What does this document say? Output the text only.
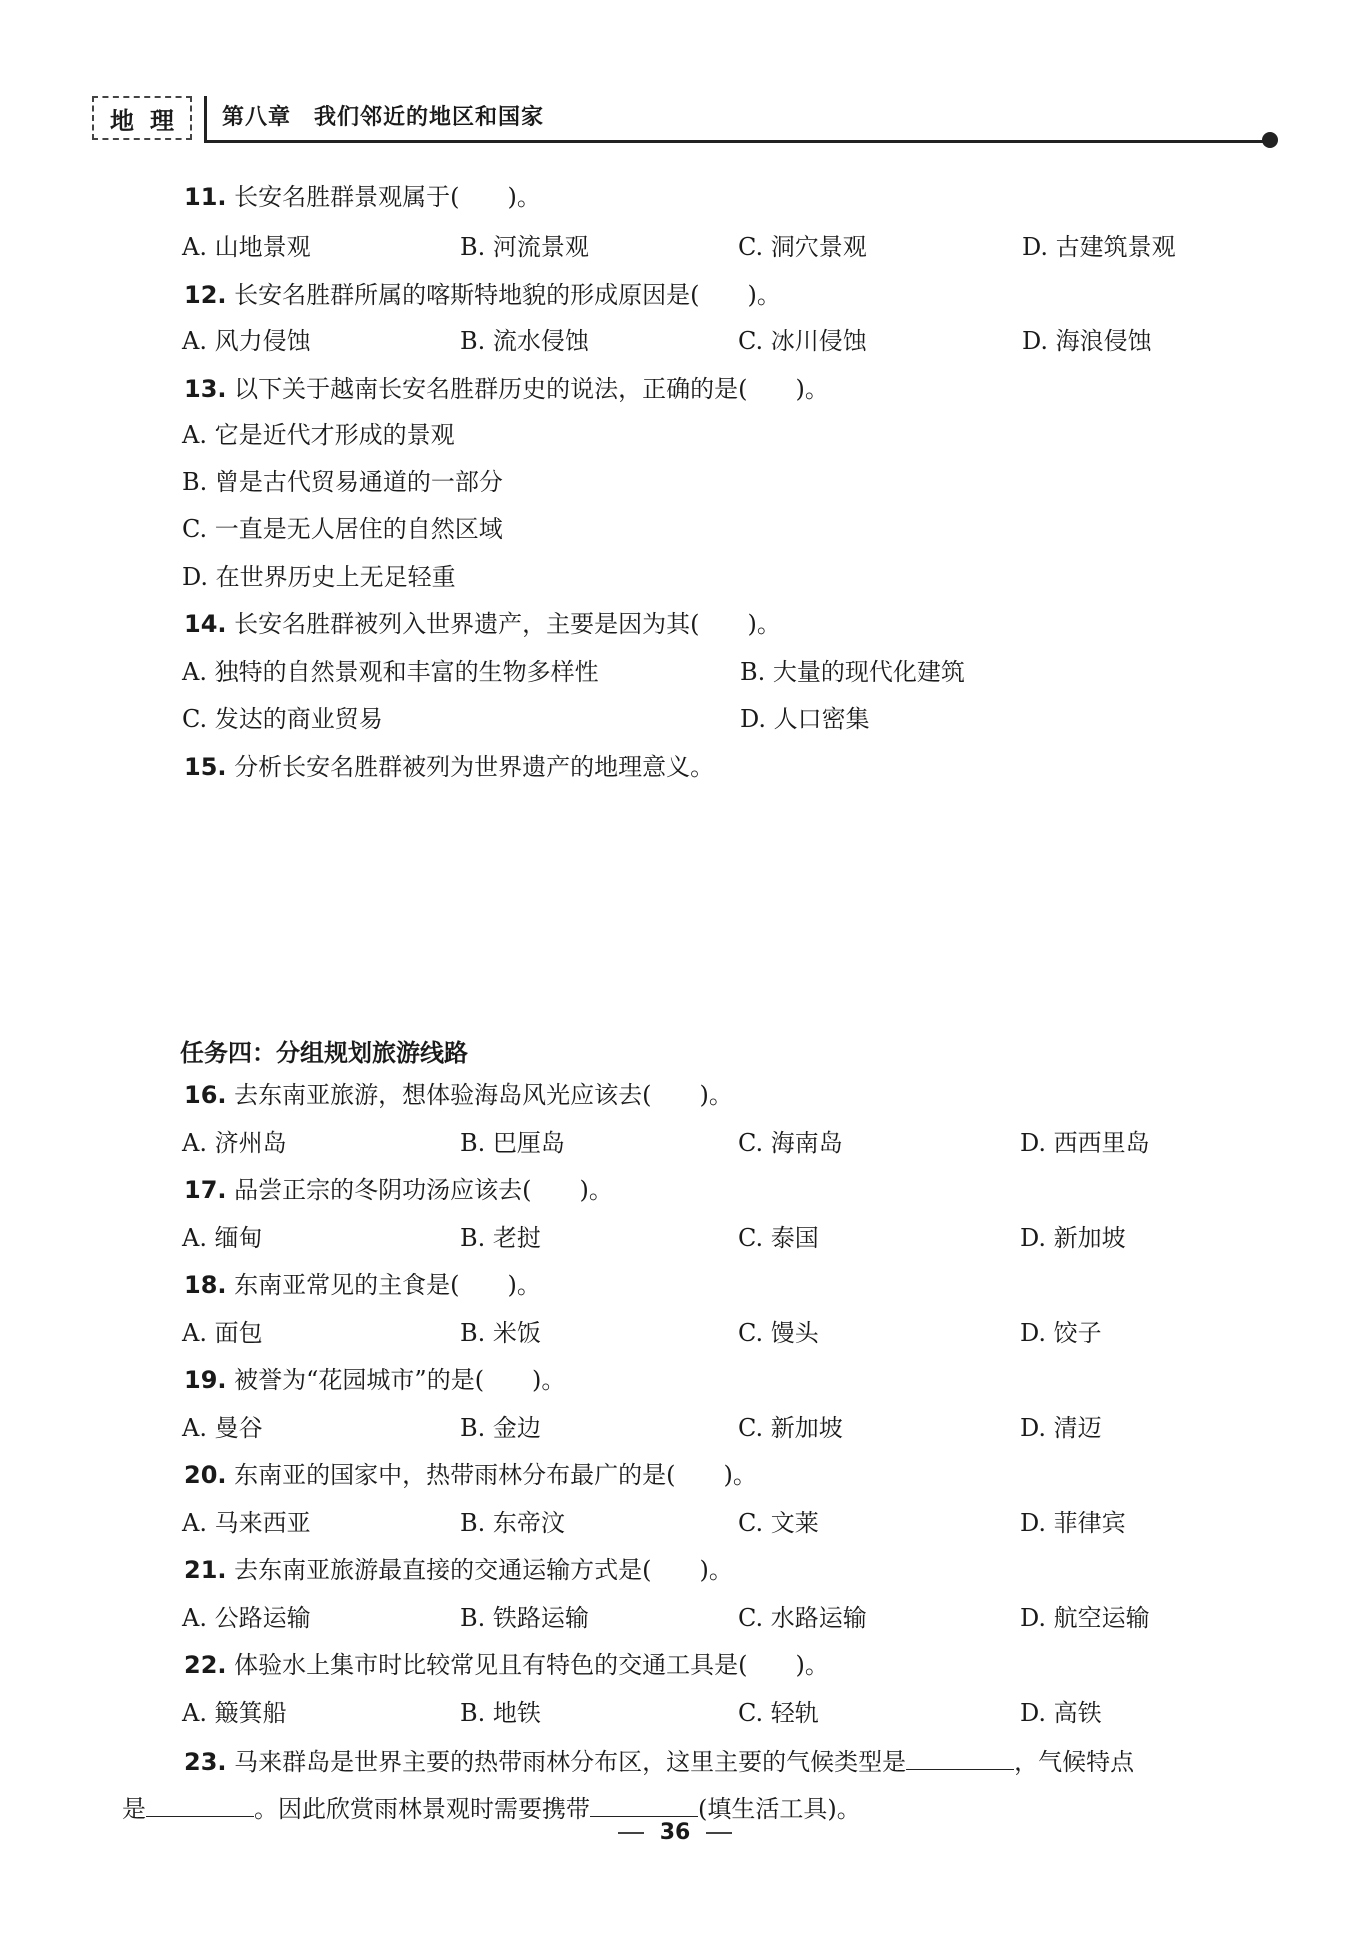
地 理 第八章　我们邻近的地区和国家
11. 长安名胜群景观属于(　　)。
A. 山地景观	B. 河流景观	C. 洞穴景观	D. 古建筑景观
12. 长安名胜群所属的喀斯特地貌的形成原因是(　　)。
A. 风力侵蚀	B. 流水侵蚀	C. 冰川侵蚀	D. 海浪侵蚀
13. 以下关于越南长安名胜群历史的说法，正确的是(　　)。
A. 它是近代才形成的景观
B. 曾是古代贸易通道的一部分
C. 一直是无人居住的自然区域
D. 在世界历史上无足轻重
14. 长安名胜群被列入世界遗产，主要是因为其(　　)。
A. 独特的自然景观和丰富的生物多样性	B. 大量的现代化建筑
C. 发达的商业贸易	D. 人口密集
15. 分析长安名胜群被列为世界遗产的地理意义。
任务四：分组规划旅游线路
16. 去东南亚旅游，想体验海岛风光应该去(　　)。
A. 济州岛	B. 巴厘岛	C. 海南岛	D. 西西里岛
17. 品尝正宗的冬阴功汤应该去(　　)。
A. 缅甸	B. 老挝	C. 泰国	D. 新加坡
18. 东南亚常见的主食是(　　)。
A. 面包	B. 米饭	C. 馒头	D. 饺子
19. 被誉为“花园城市”的是(　　)。
A. 曼谷	B. 金边	C. 新加坡	D. 清迈
20. 东南亚的国家中，热带雨林分布最广的是(　　)。
A. 马来西亚	B. 东帝汶	C. 文莱	D. 菲律宾
21. 去东南亚旅游最直接的交通运输方式是(　　)。
A. 公路运输	B. 铁路运输	C. 水路运输	D. 航空运输
22. 体验水上集市时比较常见且有特色的交通工具是(　　)。
A. 簸箕船	B. 地铁	C. 轻轨	D. 高铁
23. 马来群岛是世界主要的热带雨林分布区，这里主要的气候类型是	，气候特点
是	。因此欣赏雨林景观时需要携带	(填生活工具)。
36
